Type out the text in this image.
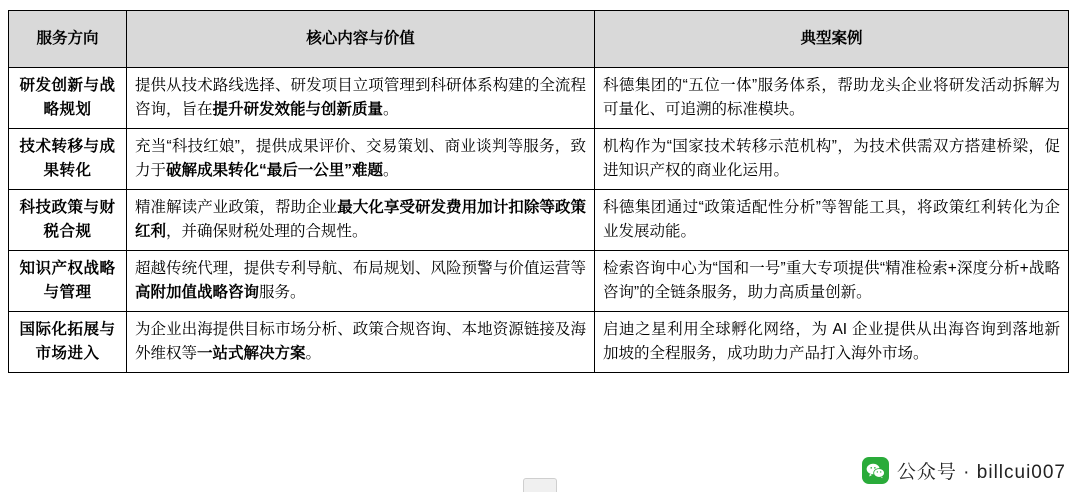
服务方向	核心内容与价值	典型案例
研发创新与战略规划	提供从技术路线选择、研发项目立项管理到科研体系构建的全流程咨询，旨在提升研发效能与创新质量。	科德集团的“五位一体”服务体系，帮助龙头企业将研发活动拆解为可量化、可追溯的标准模块。
技术转移与成果转化	充当“科技红娘”，提供成果评价、交易策划、商业谈判等服务，致力于破解成果转化“最后一公里”难题。	机构作为“国家技术转移示范机构”，为技术供需双方搭建桥梁，促进知识产权的商业化运用。
科技政策与财税合规	精准解读产业政策，帮助企业最大化享受研发费用加计扣除等政策红利，并确保财税处理的合规性。	科德集团通过“政策适配性分析”等智能工具，将政策红利转化为企业发展动能。
知识产权战略与管理	超越传统代理，提供专利导航、布局规划、风险预警与价值运营等高附加值战略咨询服务。	检索咨询中心为“国和一号”重大专项提供“精准检索+深度分析+战略咨询”的全链条服务，助力高质量创新。
国际化拓展与市场进入	为企业出海提供目标市场分析、政策合规咨询、本地资源链接及海外维权等一站式解决方案。	启迪之星利用全球孵化网络，为 AI 企业提供从出海咨询到落地新加坡的全程服务，成功助力产品打入海外市场。
公众号 · billcui007
